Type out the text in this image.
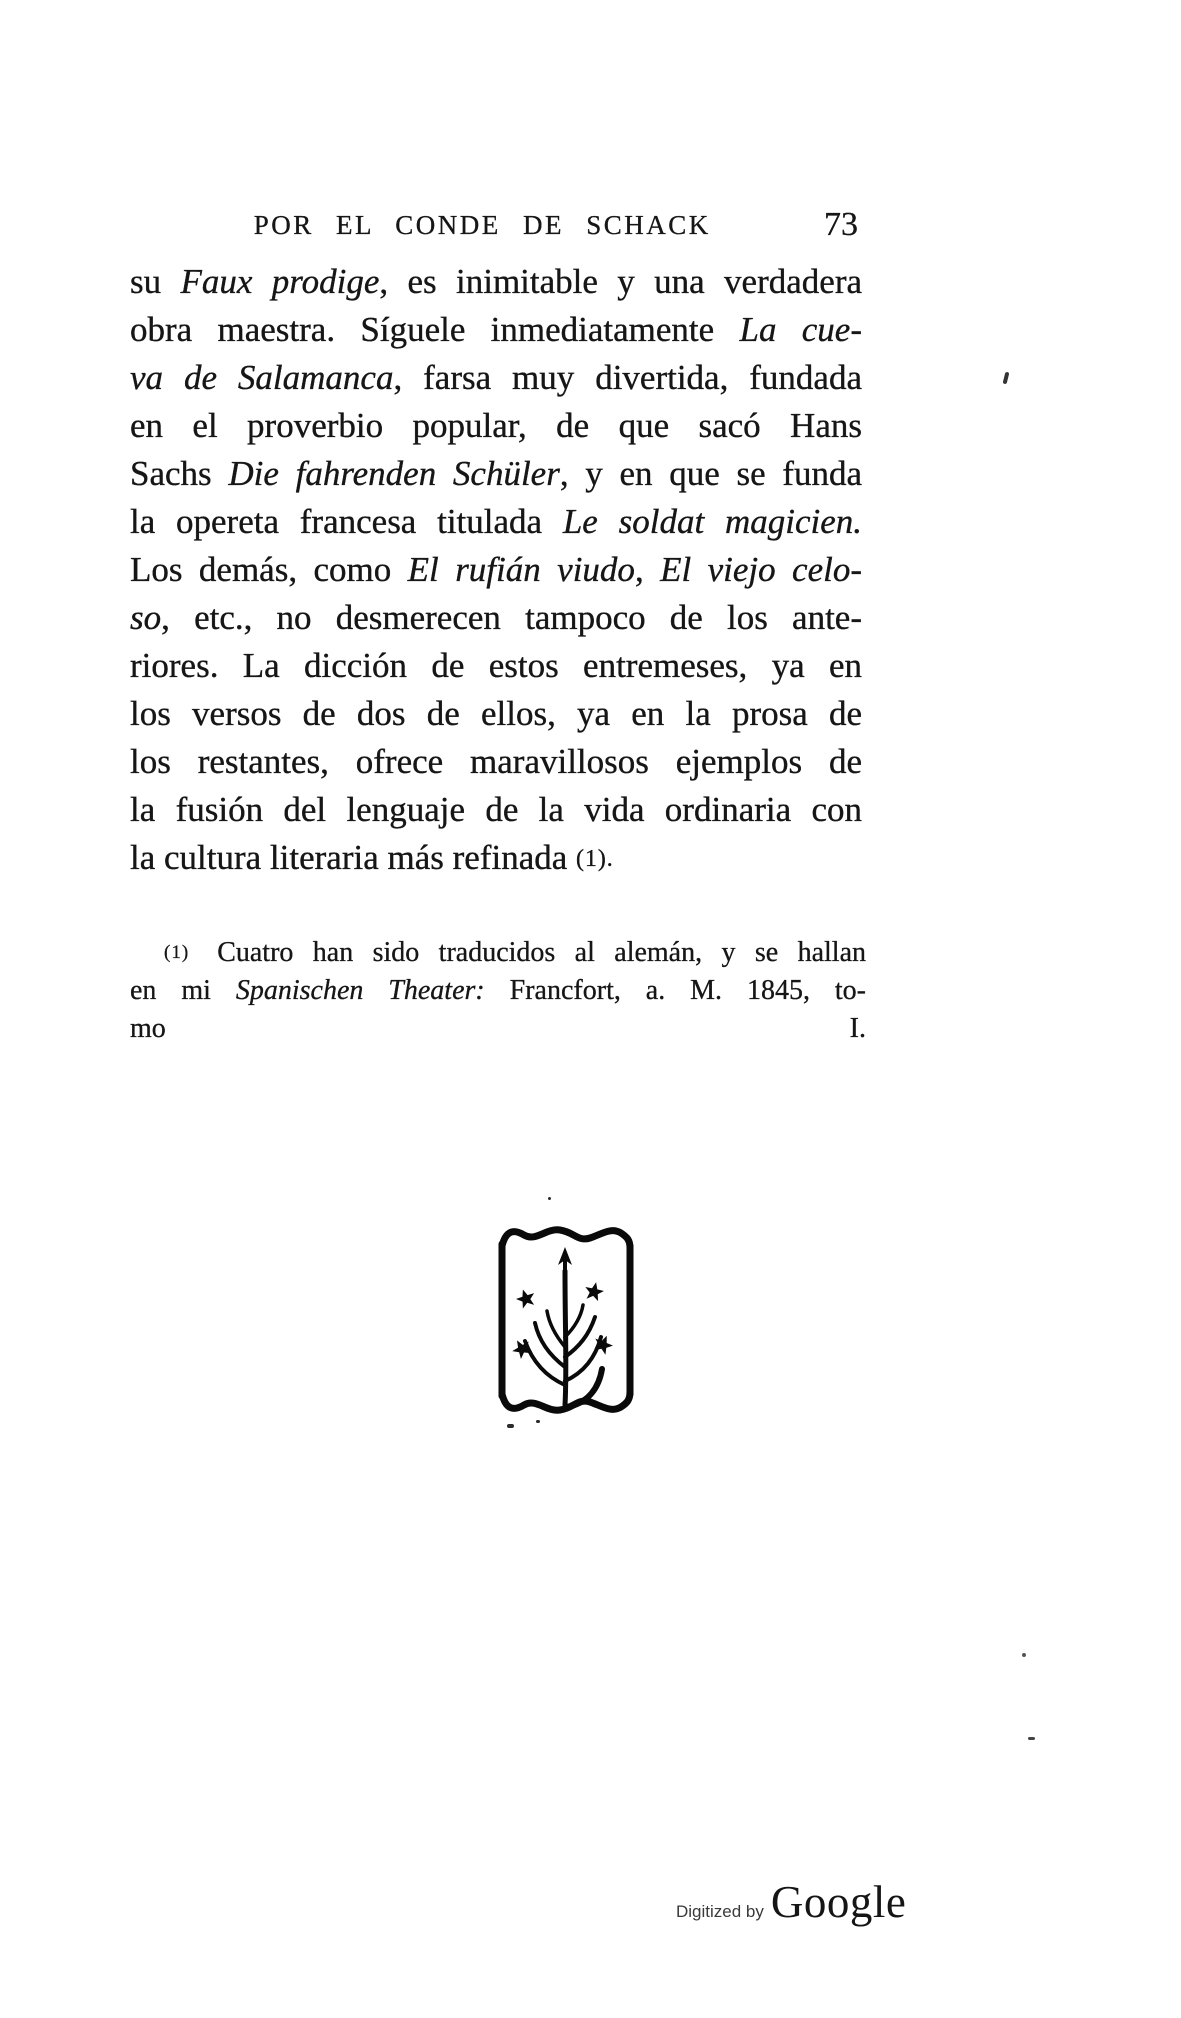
POR EL CONDE DE SCHACK	73
su Faux prodige, es inimitable y una verdadera
obra maestra. Síguele inmediatamente La cue-
va de Salamanca, farsa muy divertida, fundada
en el proverbio popular, de que sacó Hans
Sachs Die fahrenden Schüler, y en que se funda
la opereta francesa titulada Le soldat magicien.
Los demás, como El rufián viudo, El viejo celo-
so, etc., no desmerecen tampoco de los ante-
riores. La dicción de estos entremeses, ya en
los versos de dos de ellos, ya en la prosa de
los restantes, ofrece maravillosos ejemplos de
la fusión del lenguaje de la vida ordinaria con
la cultura literaria más refinada (1).
(1) Cuatro han sido traducidos al alemán, y se hallan
en mi Spanischen Theater: Francfort, a. M. 1845, to-
mo I.
Digitized by Google
